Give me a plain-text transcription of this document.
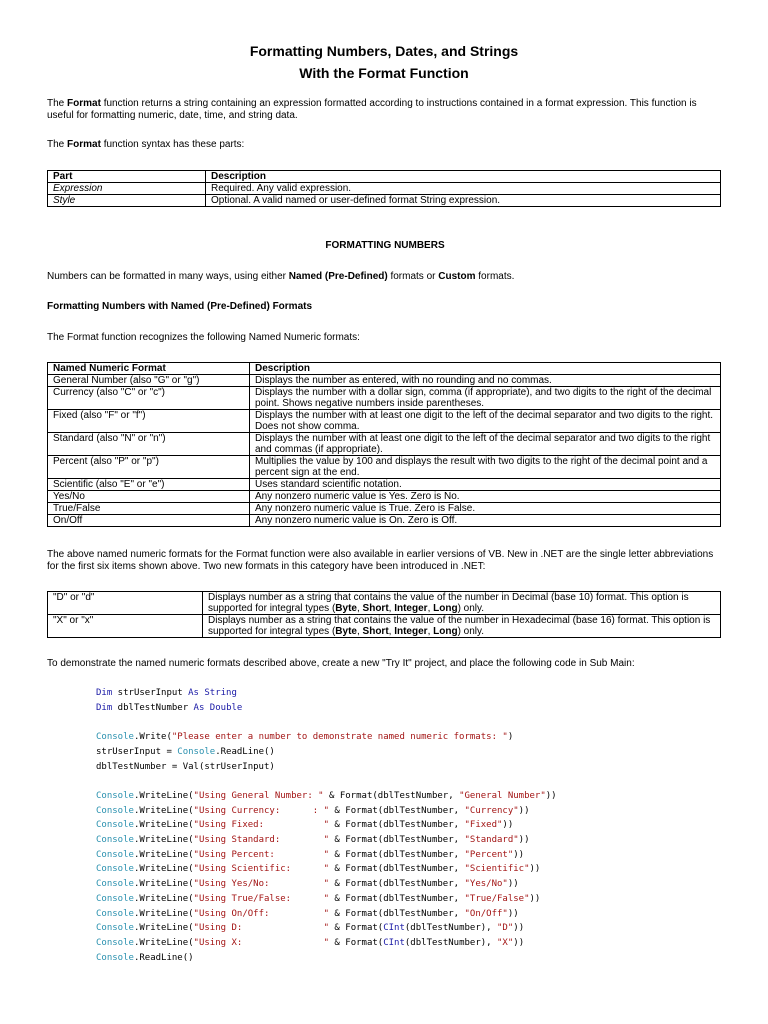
Formatting Numbers, Dates, and Strings
With the Format Function
The Format function returns a string containing an expression formatted according to instructions contained in a format expression. This function is useful for formatting numeric, date, time, and string data.
The Format function syntax has these parts:
Part	Description
Expression	Required. Any valid expression.
Style	Optional. A valid named or user-defined format String expression.
FORMATTING NUMBERS
Numbers can be formatted in many ways, using either Named (Pre-Defined) formats or Custom formats.
Formatting Numbers with Named (Pre-Defined) Formats
The Format function recognizes the following Named Numeric formats:
Named Numeric Format	Description
General Number (also "G" or "g")	Displays the number as entered, with no rounding and no commas.
Currency (also "C" or "c")	Displays the number with a dollar sign, comma (if appropriate), and two digits to the right of the decimal point. Shows negative numbers inside parentheses.
Fixed (also "F" or "f")	Displays the number with at least one digit to the left of the decimal separator and two digits to the right. Does not show comma.
Standard (also "N" or "n")	Displays the number with at least one digit to the left of the decimal separator and two digits to the right and commas (if appropriate).
Percent (also "P" or "p")	Multiplies the value by 100 and displays the result with two digits to the right of the decimal point and a percent sign at the end.
Scientific (also "E" or "e")	Uses standard scientific notation.
Yes/No	Any nonzero numeric value is Yes. Zero is No.
True/False	Any nonzero numeric value is True. Zero is False.
On/Off	Any nonzero numeric value is On. Zero is Off.
The above named numeric formats for the Format function were also available in earlier versions of VB. New in .NET are the single letter abbreviations for the first six items shown above. Two new formats in this category have been introduced in .NET:
"D" or "d"	Displays number as a string that contains the value of the number in Decimal (base 10) format. This option is supported for integral types (Byte, Short, Integer, Long) only.
"X" or "x"	Displays number as a string that contains the value of the number in Hexadecimal (base 16) format. This option is supported for integral types (Byte, Short, Integer, Long) only.
To demonstrate the named numeric formats described above, create a new "Try It" project, and place the following code in Sub Main:
Dim strUserInput As String
Dim dblTestNumber As Double
Console.Write("Please enter a number to demonstrate named numeric formats: ")
strUserInput = Console.ReadLine()
dblTestNumber = Val(strUserInput)
Console.WriteLine("Using General Number: " & Format(dblTestNumber, "General Number"))
Console.WriteLine("Using Currency:      : " & Format(dblTestNumber, "Currency"))
Console.WriteLine("Using Fixed:           " & Format(dblTestNumber, "Fixed"))
Console.WriteLine("Using Standard:        " & Format(dblTestNumber, "Standard"))
Console.WriteLine("Using Percent:         " & Format(dblTestNumber, "Percent"))
Console.WriteLine("Using Scientific:      " & Format(dblTestNumber, "Scientific"))
Console.WriteLine("Using Yes/No:          " & Format(dblTestNumber, "Yes/No"))
Console.WriteLine("Using True/False:      " & Format(dblTestNumber, "True/False"))
Console.WriteLine("Using On/Off:          " & Format(dblTestNumber, "On/Off"))
Console.WriteLine("Using D:               " & Format(CInt(dblTestNumber), "D"))
Console.WriteLine("Using X:               " & Format(CInt(dblTestNumber), "X"))
Console.ReadLine()
